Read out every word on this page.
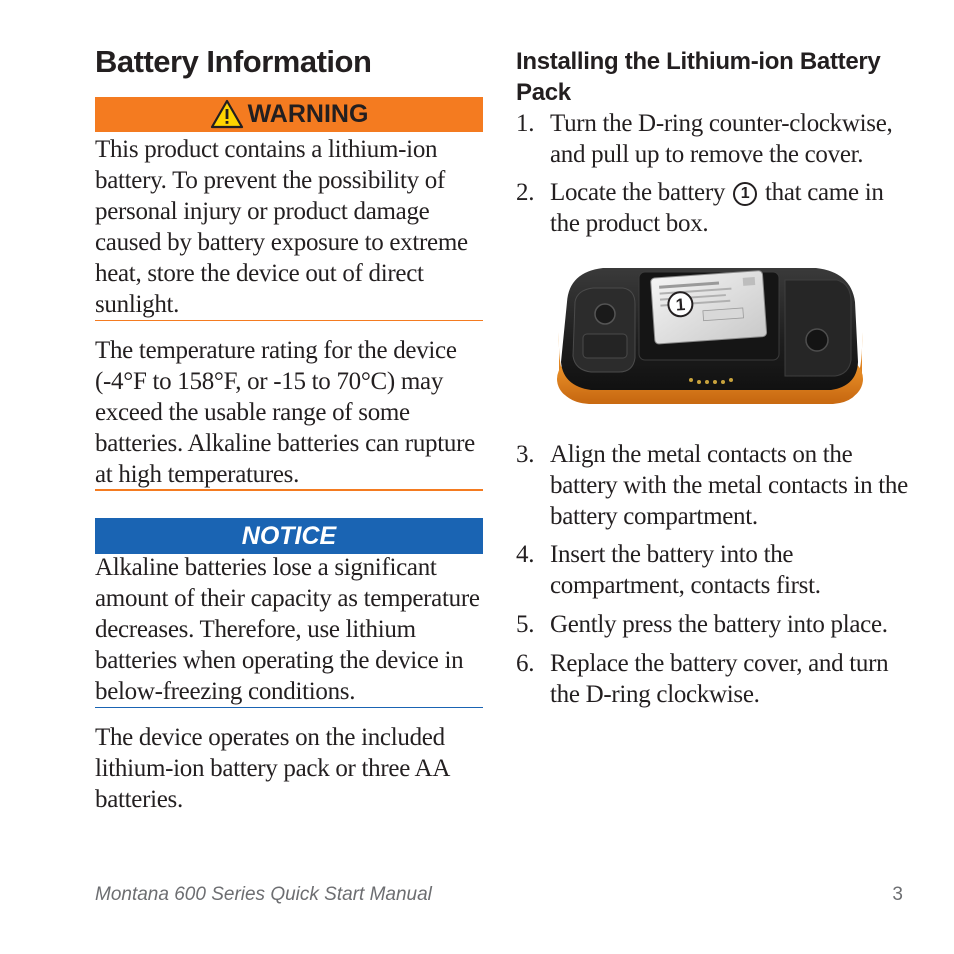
Battery Information
WARNING

This product contains a lithium-ion battery. To prevent the possibility of personal injury or product damage caused by battery exposure to extreme heat, store the device out of direct sunlight.

The temperature rating for the device (-4°F to 158°F, or -15 to 70°C) may exceed the usable range of some batteries. Alkaline batteries can rupture at high temperatures.

NOTICE

Alkaline batteries lose a significant amount of their capacity as temperature decreases. Therefore, use lithium batteries when operating the device in below-freezing conditions.

The device operates on the included lithium-ion battery pack or three AA batteries.

Installing the Lithium-ion Battery Pack
1. Turn the D-ring counter-clockwise, and pull up to remove the cover.
2. Locate the battery 1 that came in the product box.
1
3. Align the metal contacts on the battery with the metal contacts in the battery compartment.
4. Insert the battery into the compartment, contacts first.
5. Gently press the battery into place.
6. Replace the battery cover, and turn the D-ring clockwise.
Montana 600 Series Quick Start Manual	3
